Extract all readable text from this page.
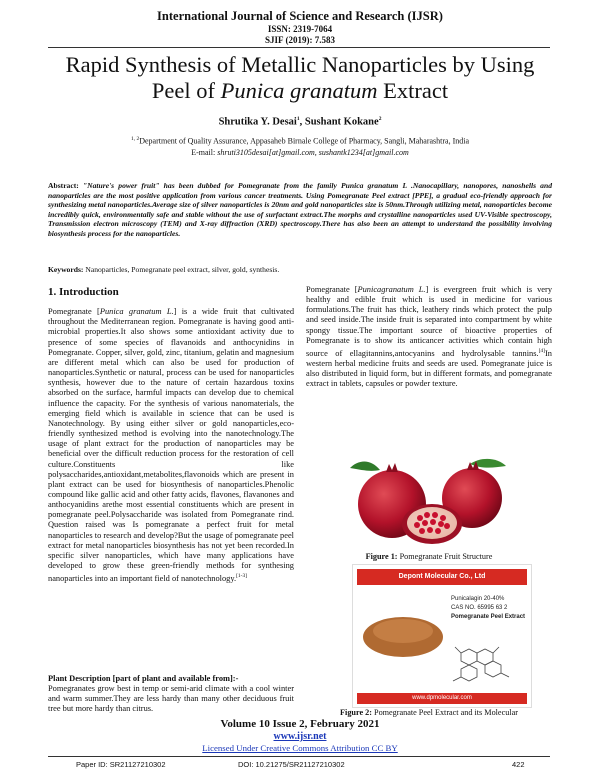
International Journal of Science and Research (IJSR)
ISSN: 2319-7064
SJIF (2019): 7.583
Rapid Synthesis of Metallic Nanoparticles by Using
Peel of Punica granatum Extract
Shrutika Y. Desai$^1$, Sushant Kokane$^2$
$^{1, 2}$Department of Quality Assurance, Appasaheb Birnale College of Pharmacy, Sangli, Maharashtra, India
E-mail: shruti3105desai[at]gmail.com, sushantk1234[at]gmail.com
Abstract: "Nature's power fruit" has been dubbed for Pomegranate from the family Punica granatum L .Nanocapillary, nanopores, nanoshells and nanoparticles are the most positive application from various cancer treatments. Using Pomegranate Peel extract [PPE], a gradual eco-friendly approach for synthesizing metal nanoparticles.Average size of silver nanoparticles is 20nm and gold nanoparticles size is 50nm.Through utilizing metal, nanoparticles become incredibly quick, environmentally safe and stable without the use of surfactant extract.The morphs and crystalline nanoparticles used UV-Visible spectroscopy, Transmission electron microscopy (TEM) and X-ray diffraction (XRD) spectroscopy.There has also been an attempt to understand the possibility involving biosynthesis process for the nanoparticles.
Keywords: Nanoparticles, Pomegranate peel extract, silver, gold, synthesis.
1. Introduction
Pomegranate [Punica granatum L.] is a wide fruit that cultivated throughout the Mediterranean region. Pomegranate is having good anti-microbial properties.It also shows some antioxidant activity due to presence of some species of flavanoids and anthocynidins in Pomegranate. Copper, silver, gold, zinc, titanium, gelatin and magnesium are different metal which can also be used for production of nanoparticles.Synthetic or natural, process can be used for nanoparticles synthesis, however due to the nature of certain hazardous toxins absorbed on the surface, harmful impacts can develop due to chemical influence the capacity. For the synthesis of various nanomaterials, the emerging field which is available in science that can be used is Nanotechnology. By using either silver or gold nanoparticles,eco-friendly synthesized method is evolving into the nanotechnology.The usage of plant extract for the production of nanoparticles may be beneficial over the difficult reduction process for the restoration of cell culture.Constituents like polysaccharides,antioxidant,metabolites,flavonoids which are present in plant extract can be used for biosynthesis of nanoparticles.Phenolic compound like gallic acid and other fatty acids, flavones, flavanones and anthocyanidins arethe most essential constituents which are present in pomegranate peel.Polysaccharide was isolated from Pomegranate rind. Question raised was Is pomegranate a perfect fruit for metal nanoparticles to research and develop?But the usage of pomegranate peel extract for metal nanoparticles biosynthesis has not yet been recorded.In specific silver nanoparticles, which have many applications have developed to grow these green-friendly methods for synthesing nanoparticles into an important field of nanotechnology.[1-3]
Plant Description [part of plant and available from]:-
Pomegranates grow best in temp or semi-arid climate with a cool winter and warm summer.They are less hardy than many other deciduous fruit tree but more hardy than citrus.
Pomegranate [Punicagranatum L.] is evergreen fruit which is very healthy and edible fruit which is used in medicine for various formulations.The fruit has thick, leathery rinds which protect the pulp and seed inside.The inside fruit is separated into compartment by white spongy tissue.The important source of bioactive properties of Pomegranate is to show its anticancer activities which contain high source of ellagitannins,antocyanins and hydrolysable tannins.[4]In western herbal medicine fruits and seeds are used. Pomegranate juice is also distributed in liquid form, but in different formats, and pomegranate extract in tablets, capsules or powder texture.
Figure 1: Pomegranate Fruit Structure
Depont Molecular Co., Ltd
Punicalagin 20-40%
CAS NO. 65995 63 2
Pomegranate Peel Extract
www.dpmolecular.com
Figure 2: Pomegranate Peel Extract and its Molecular
Volume 10 Issue 2, February 2021
www.ijsr.net
Licensed Under Creative Commons Attribution CC BY
Paper ID: SR21127210302	DOI: 10.21275/SR21127210302	422
